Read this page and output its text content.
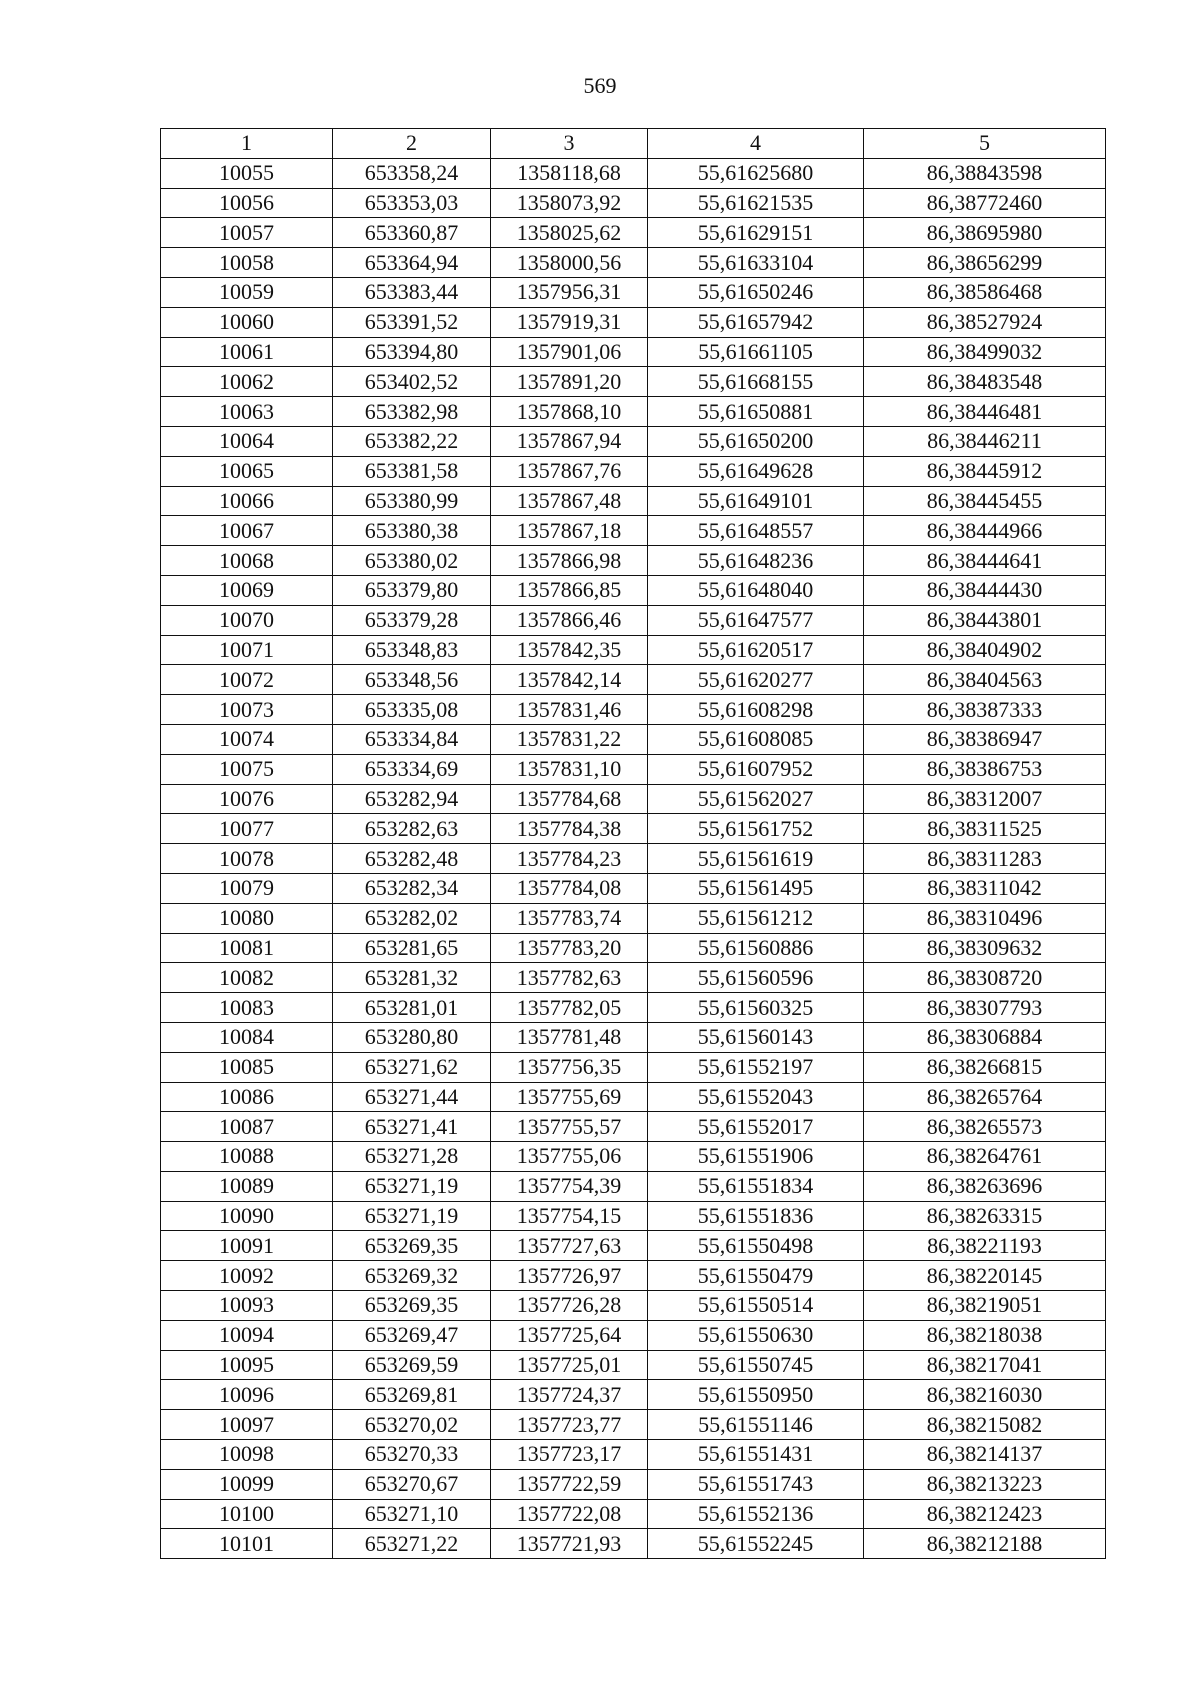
569
1	2	3	4	5
10055	653358,24	1358118,68	55,61625680	86,38843598
10056	653353,03	1358073,92	55,61621535	86,38772460
10057	653360,87	1358025,62	55,61629151	86,38695980
10058	653364,94	1358000,56	55,61633104	86,38656299
10059	653383,44	1357956,31	55,61650246	86,38586468
10060	653391,52	1357919,31	55,61657942	86,38527924
10061	653394,80	1357901,06	55,61661105	86,38499032
10062	653402,52	1357891,20	55,61668155	86,38483548
10063	653382,98	1357868,10	55,61650881	86,38446481
10064	653382,22	1357867,94	55,61650200	86,38446211
10065	653381,58	1357867,76	55,61649628	86,38445912
10066	653380,99	1357867,48	55,61649101	86,38445455
10067	653380,38	1357867,18	55,61648557	86,38444966
10068	653380,02	1357866,98	55,61648236	86,38444641
10069	653379,80	1357866,85	55,61648040	86,38444430
10070	653379,28	1357866,46	55,61647577	86,38443801
10071	653348,83	1357842,35	55,61620517	86,38404902
10072	653348,56	1357842,14	55,61620277	86,38404563
10073	653335,08	1357831,46	55,61608298	86,38387333
10074	653334,84	1357831,22	55,61608085	86,38386947
10075	653334,69	1357831,10	55,61607952	86,38386753
10076	653282,94	1357784,68	55,61562027	86,38312007
10077	653282,63	1357784,38	55,61561752	86,38311525
10078	653282,48	1357784,23	55,61561619	86,38311283
10079	653282,34	1357784,08	55,61561495	86,38311042
10080	653282,02	1357783,74	55,61561212	86,38310496
10081	653281,65	1357783,20	55,61560886	86,38309632
10082	653281,32	1357782,63	55,61560596	86,38308720
10083	653281,01	1357782,05	55,61560325	86,38307793
10084	653280,80	1357781,48	55,61560143	86,38306884
10085	653271,62	1357756,35	55,61552197	86,38266815
10086	653271,44	1357755,69	55,61552043	86,38265764
10087	653271,41	1357755,57	55,61552017	86,38265573
10088	653271,28	1357755,06	55,61551906	86,38264761
10089	653271,19	1357754,39	55,61551834	86,38263696
10090	653271,19	1357754,15	55,61551836	86,38263315
10091	653269,35	1357727,63	55,61550498	86,38221193
10092	653269,32	1357726,97	55,61550479	86,38220145
10093	653269,35	1357726,28	55,61550514	86,38219051
10094	653269,47	1357725,64	55,61550630	86,38218038
10095	653269,59	1357725,01	55,61550745	86,38217041
10096	653269,81	1357724,37	55,61550950	86,38216030
10097	653270,02	1357723,77	55,61551146	86,38215082
10098	653270,33	1357723,17	55,61551431	86,38214137
10099	653270,67	1357722,59	55,61551743	86,38213223
10100	653271,10	1357722,08	55,61552136	86,38212423
10101	653271,22	1357721,93	55,61552245	86,38212188
